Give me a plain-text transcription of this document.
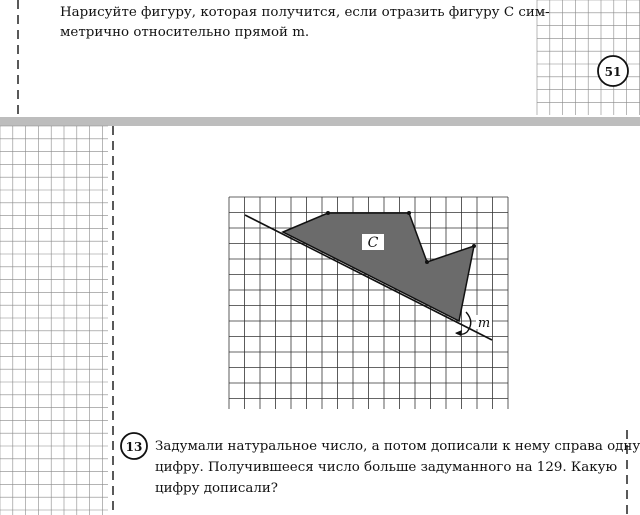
С
m
51
13
Нарисуйте фигуру, которая получится, если отразить фигуру С сим-
метрично относительно прямой m.
Задумали натуральное число, а потом дописали к нему справа одну
цифру. Получившееся число больше задуманного на 129. Какую
цифру дописали?
